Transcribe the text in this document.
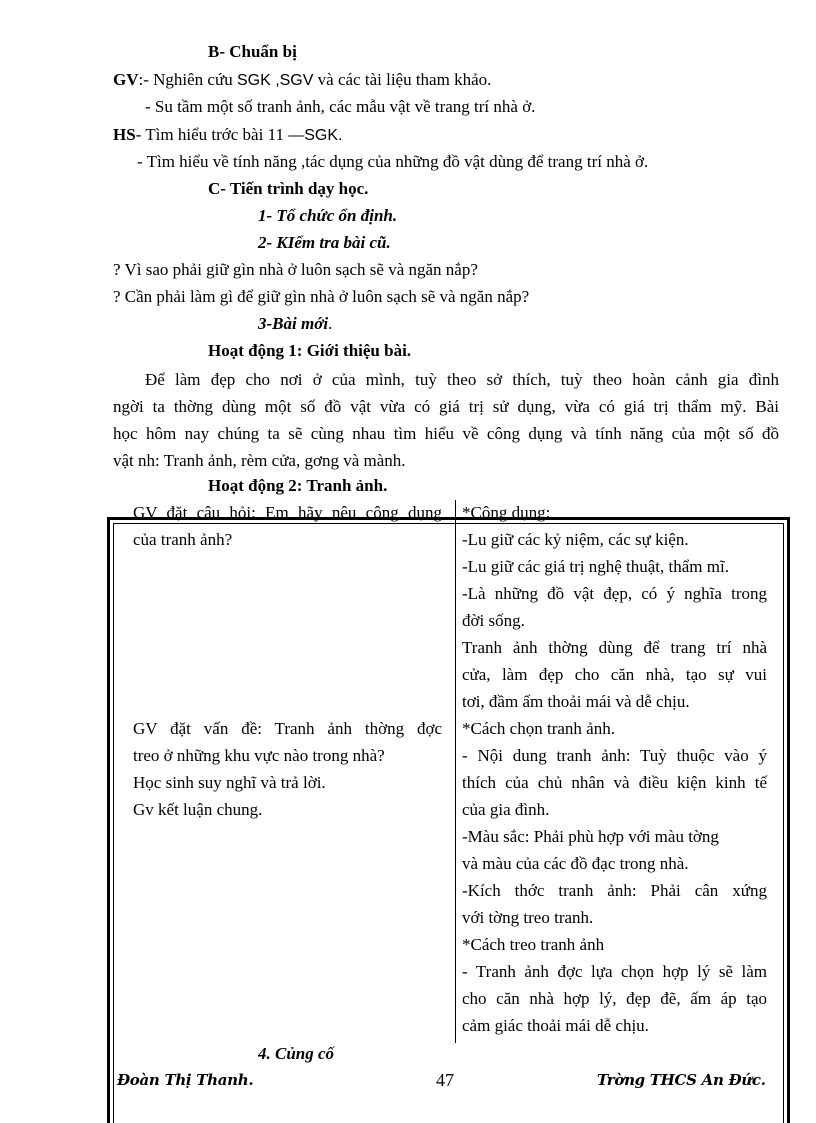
B- Chuẩn bị
GV:- Nghiên cứu SGK ,SGV và các tài liệu tham khảo.
- Su tầm một số tranh ảnh, các mẫu vật về trang trí nhà ở.
HS- Tìm hiểu trớc bài 11 —SGK.
- Tìm hiểu về tính năng ,tác dụng của những đồ vật dùng để trang trí nhà ở.
C- Tiến trình dạy học.
1- Tổ chức ổn định.
2- KIểm tra bài cũ.
? Vì sao phải giữ gìn nhà ở luôn sạch sẽ và ngăn nắp?
? Cần phải làm gì để giữ gìn nhà ở luôn sạch sẽ và ngăn nắp?
3-Bài mới.
Hoạt động 1: Giới thiệu bài.
Để làm đẹp cho nơi ở của mình, tuỳ theo sở thích, tuỳ theo hoàn cảnh gia đình
ngời ta thờng dùng một số đồ vật vừa có giá trị sử dụng, vừa có giá trị thẩm mỹ. Bài
học hôm nay chúng ta sẽ cùng nhau tìm hiểu về công dụng và tính năng của một số đồ
vật nh: Tranh ảnh, rèm cửa, gơng và mành.
Hoạt động 2: Tranh ảnh.
GV đặt câu hỏi: Em hãy nêu công dụng
của tranh ảnh?
GV đặt vấn đề: Tranh ảnh thờng đợc
treo ở những khu vực nào trong nhà?
Học sinh suy nghĩ và trả lời.
Gv kết luận chung.
*Công dụng:
-Lu giữ các kỷ niệm, các sự kiện.
-Lu giữ các giá trị nghệ thuật, thẩm mĩ.
-Là những đồ vật đẹp, có ý nghĩa trong
đời sống.
Tranh ảnh thờng dùng để trang trí nhà
cửa, làm đẹp cho căn nhà, tạo sự vui
tơi, đầm ấm thoải mái và dễ chịu.
*Cách chọn tranh ảnh.
- Nội dung tranh ảnh: Tuỳ thuộc vào ý
thích của chủ nhân và điều kiện kinh tế
của gia đình.
-Màu sắc: Phải phù hợp với màu tờng
và màu của các đồ đạc trong nhà.
-Kích thớc tranh ảnh: Phải cân xứng
với tờng treo tranh.
*Cách treo tranh ảnh
- Tranh ảnh đợc lựa chọn hợp lý sẽ làm
cho căn nhà hợp lý, đẹp đẽ, ấm áp tạo
cảm giác thoải mái dễ chịu.
4. Củng cố
Đoàn Thị Thanh.	47	Trờng THCS An Đức.
